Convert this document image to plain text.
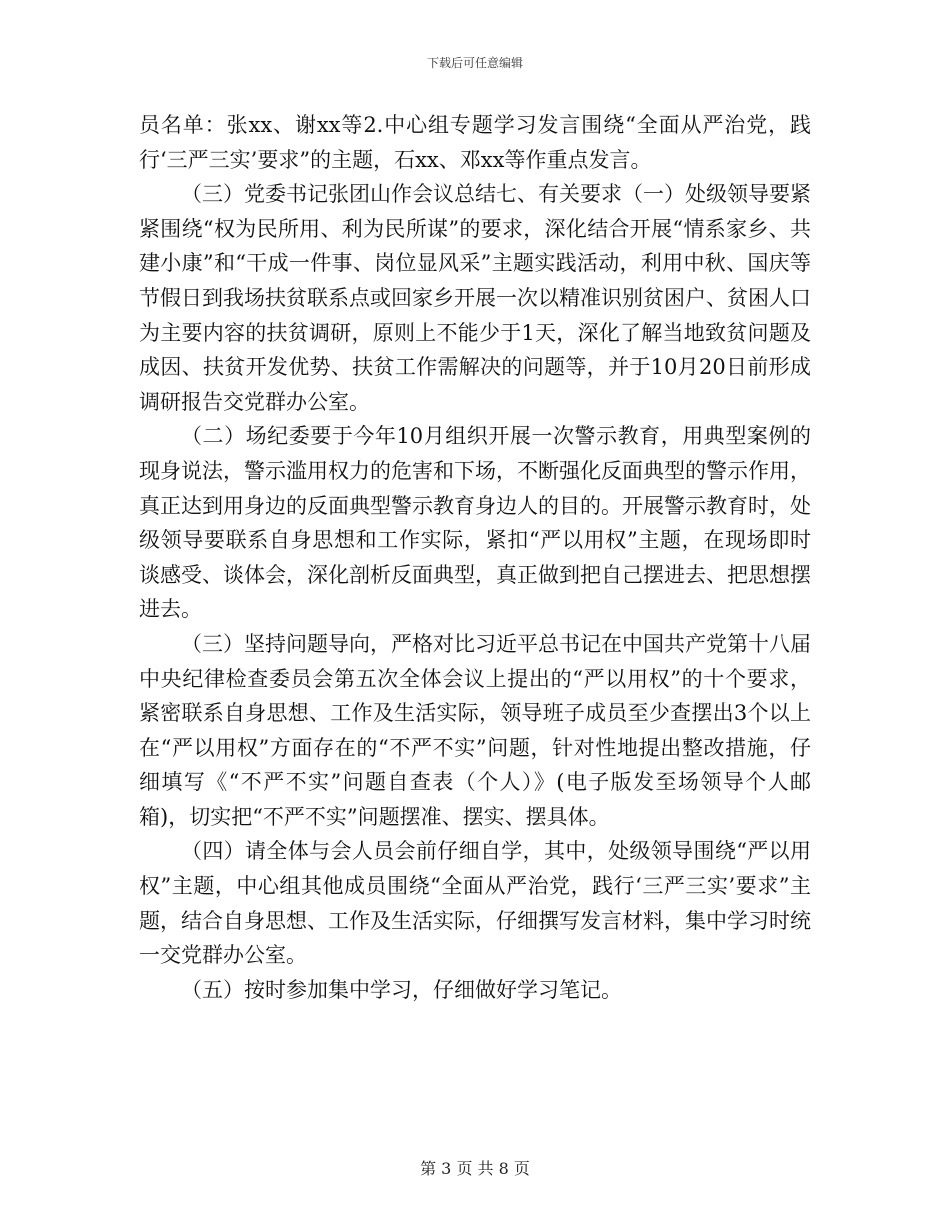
下载后可任意编辑

员名单：张xx、谢xx等2.中心组专题学习发言围绕“全面从严治党，践行‘三严三实’要求”的主题，石xx、邓xx等作重点发言。

（三）党委书记张团山作会议总结七、有关要求（一）处级领导要紧紧围绕“权为民所用、利为民所谋”的要求，深化结合开展“情系家乡、共建小康”和“干成一件事、岗位显风采”主题实践活动，利用中秋、国庆等节假日到我场扶贫联系点或回家乡开展一次以精准识别贫困户、贫困人口为主要内容的扶贫调研，原则上不能少于1天，深化了解当地致贫问题及成因、扶贫开发优势、扶贫工作需解决的问题等，并于10月20日前形成调研报告交党群办公室。

（二）场纪委要于今年10月组织开展一次警示教育，用典型案例的现身说法，警示滥用权力的危害和下场，不断强化反面典型的警示作用，真正达到用身边的反面典型警示教育身边人的目的。开展警示教育时，处级领导要联系自身思想和工作实际，紧扣“严以用权”主题，在现场即时谈感受、谈体会，深化剖析反面典型，真正做到把自己摆进去、把思想摆进去。

（三）坚持问题导向，严格对比习近平总书记在中国共产党第十八届中央纪律检查委员会第五次全体会议上提出的“严以用权”的十个要求，紧密联系自身思想、工作及生活实际，领导班子成员至少查摆出3个以上在“严以用权”方面存在的“不严不实”问题，针对性地提出整改措施，仔细填写《“不严不实”问题自查表（个人）》(电子版发至场领导个人邮箱)，切实把“不严不实”问题摆准、摆实、摆具体。

（四）请全体与会人员会前仔细自学，其中，处级领导围绕“严以用权”主题，中心组其他成员围绕“全面从严治党，践行‘三严三实’要求”主题，结合自身思想、工作及生活实际，仔细撰写发言材料，集中学习时统一交党群办公室。

（五）按时参加集中学习，仔细做好学习笔记。

第 3 页 共 8 页
